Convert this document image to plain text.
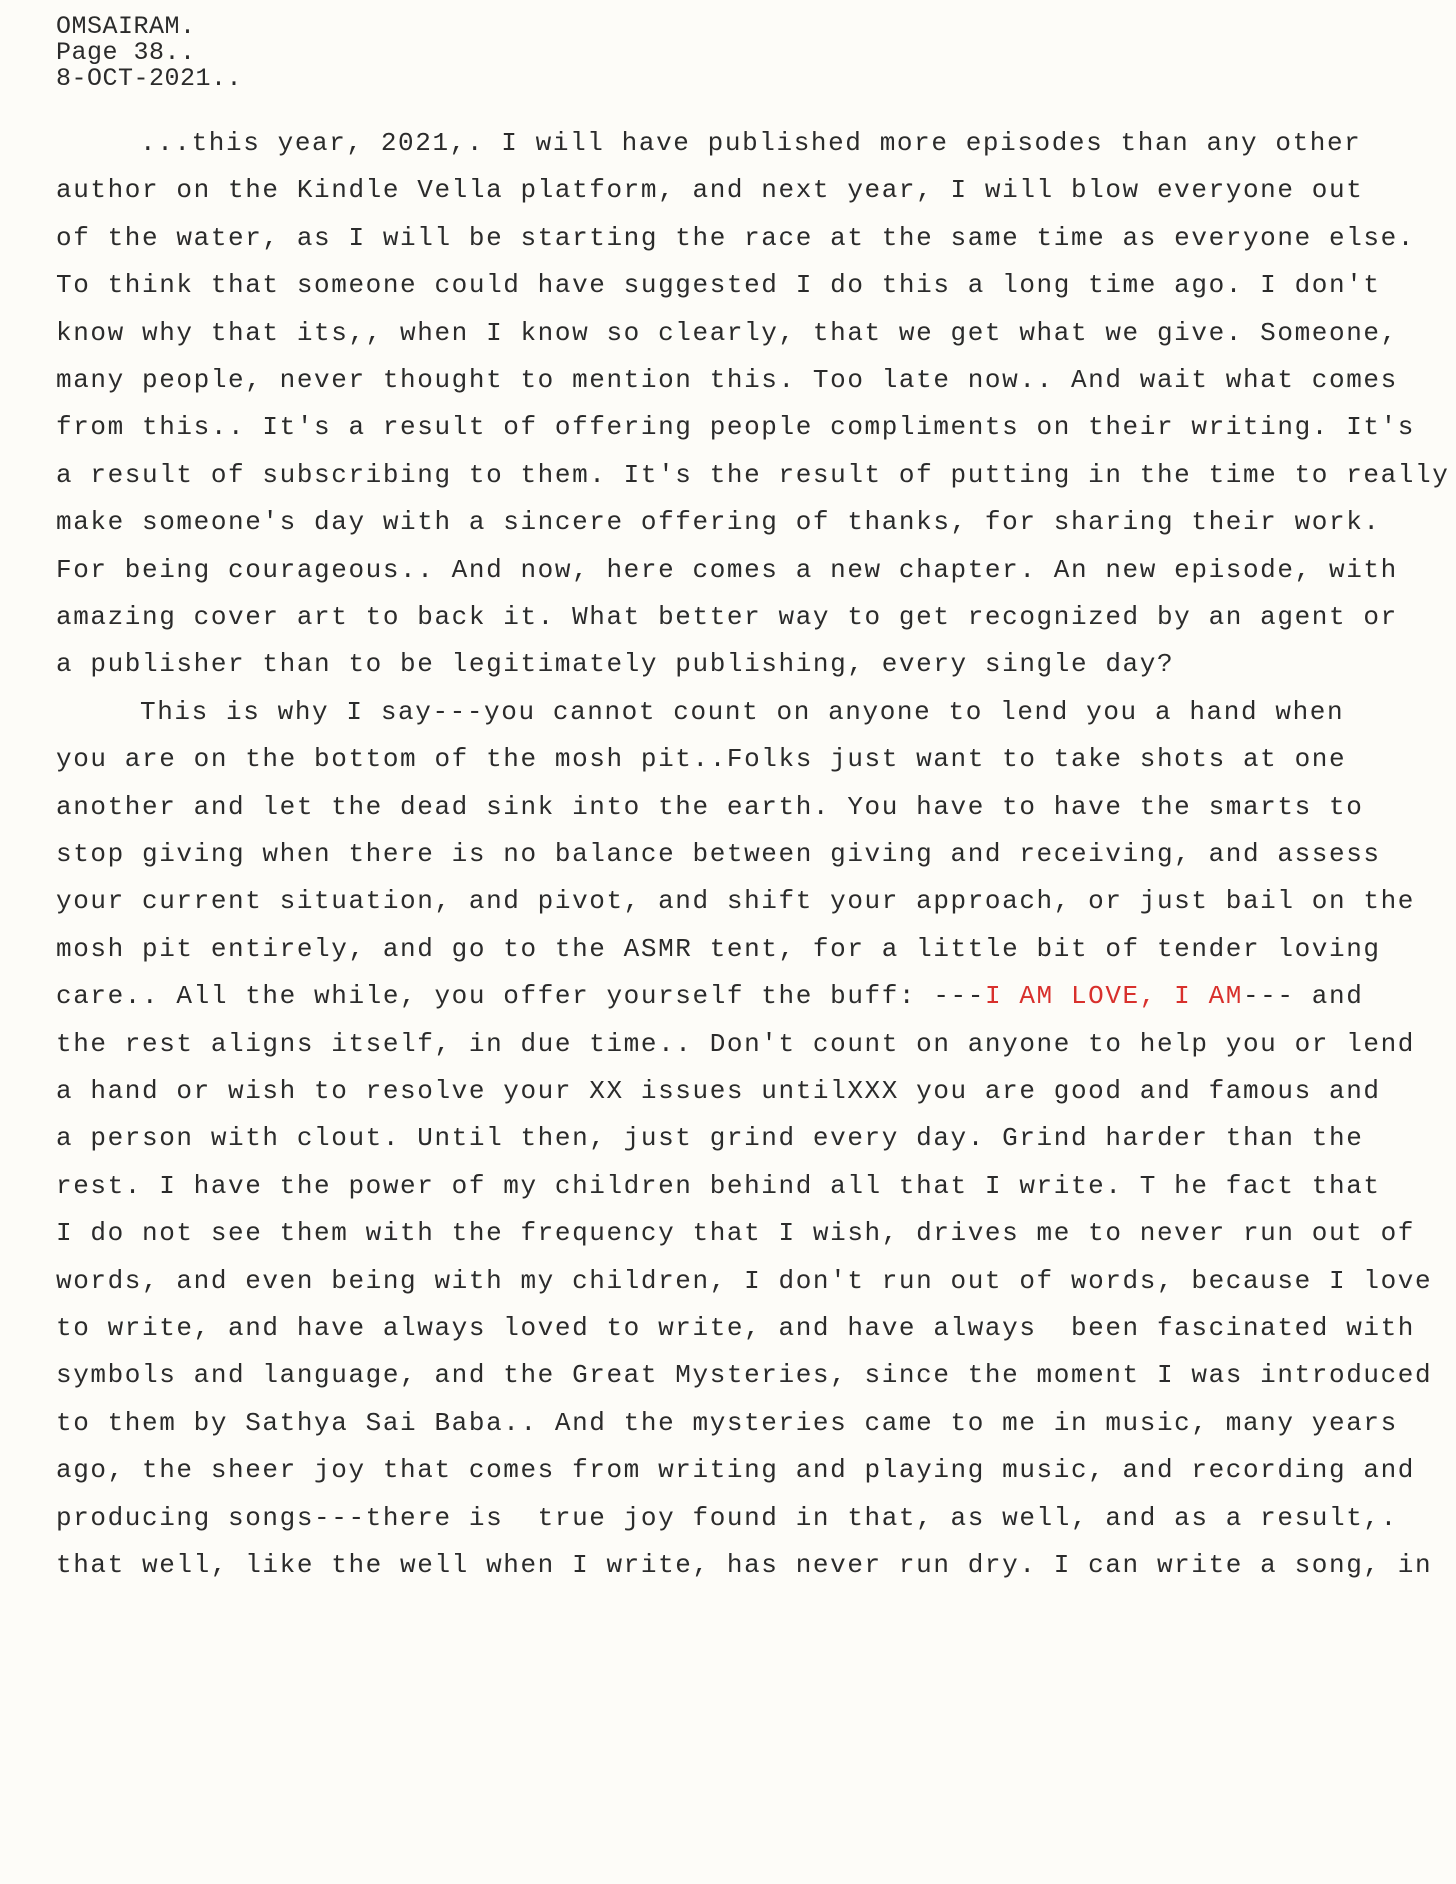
OMSAIRAM.
Page 38..
8-OCT-2021..
...this year, 2021,. I will have published more episodes than any other
author on the Kindle Vella platform, and next year, I will blow everyone out
of the water, as I will be starting the race at the same time as everyone else.
To think that someone could have suggested I do this a long time ago. I don't
know why that its,, when I know so clearly, that we get what we give. Someone,
many people, never thought to mention this. Too late now.. And wait what comes
from this.. It's a result of offering people compliments on their writing. It's
a result of subscribing to them. It's the result of putting in the time to really
make someone's day with a sincere offering of thanks, for sharing their work.
For being courageous.. And now, here comes a new chapter. An new episode, with
amazing cover art to back it. What better way to get recognized by an agent or
a publisher than to be legitimately publishing, every single day?
This is why I say---you cannot count on anyone to lend you a hand when
you are on the bottom of the mosh pit..Folks just want to take shots at one
another and let the dead sink into the earth. You have to have the smarts to
stop giving when there is no balance between giving and receiving, and assess
your current situation, and pivot, and shift your approach, or just bail on the
mosh pit entirely, and go to the ASMR tent, for a little bit of tender loving
care.. All the while, you offer yourself the buff: ---I AM LOVE, I AM--- and
the rest aligns itself, in due time.. Don't count on anyone to help you or lend
a hand or wish to resolve your XX issues untilXXX you are good and famous and
a person with clout. Until then, just grind every day. Grind harder than the
rest. I have the power of my children behind all that I write. T he fact that
I do not see them with the frequency that I wish, drives me to never run out of
words, and even being with my children, I don't run out of words, because I love
to write, and have always loved to write, and have always  been fascinated with
symbols and language, and the Great Mysteries, since the moment I was introduced
to them by Sathya Sai Baba.. And the mysteries came to me in music, many years
ago, the sheer joy that comes from writing and playing music, and recording and
producing songs---there is  true joy found in that, as well, and as a result,.
that well, like the well when I write, has never run dry. I can write a song, in
